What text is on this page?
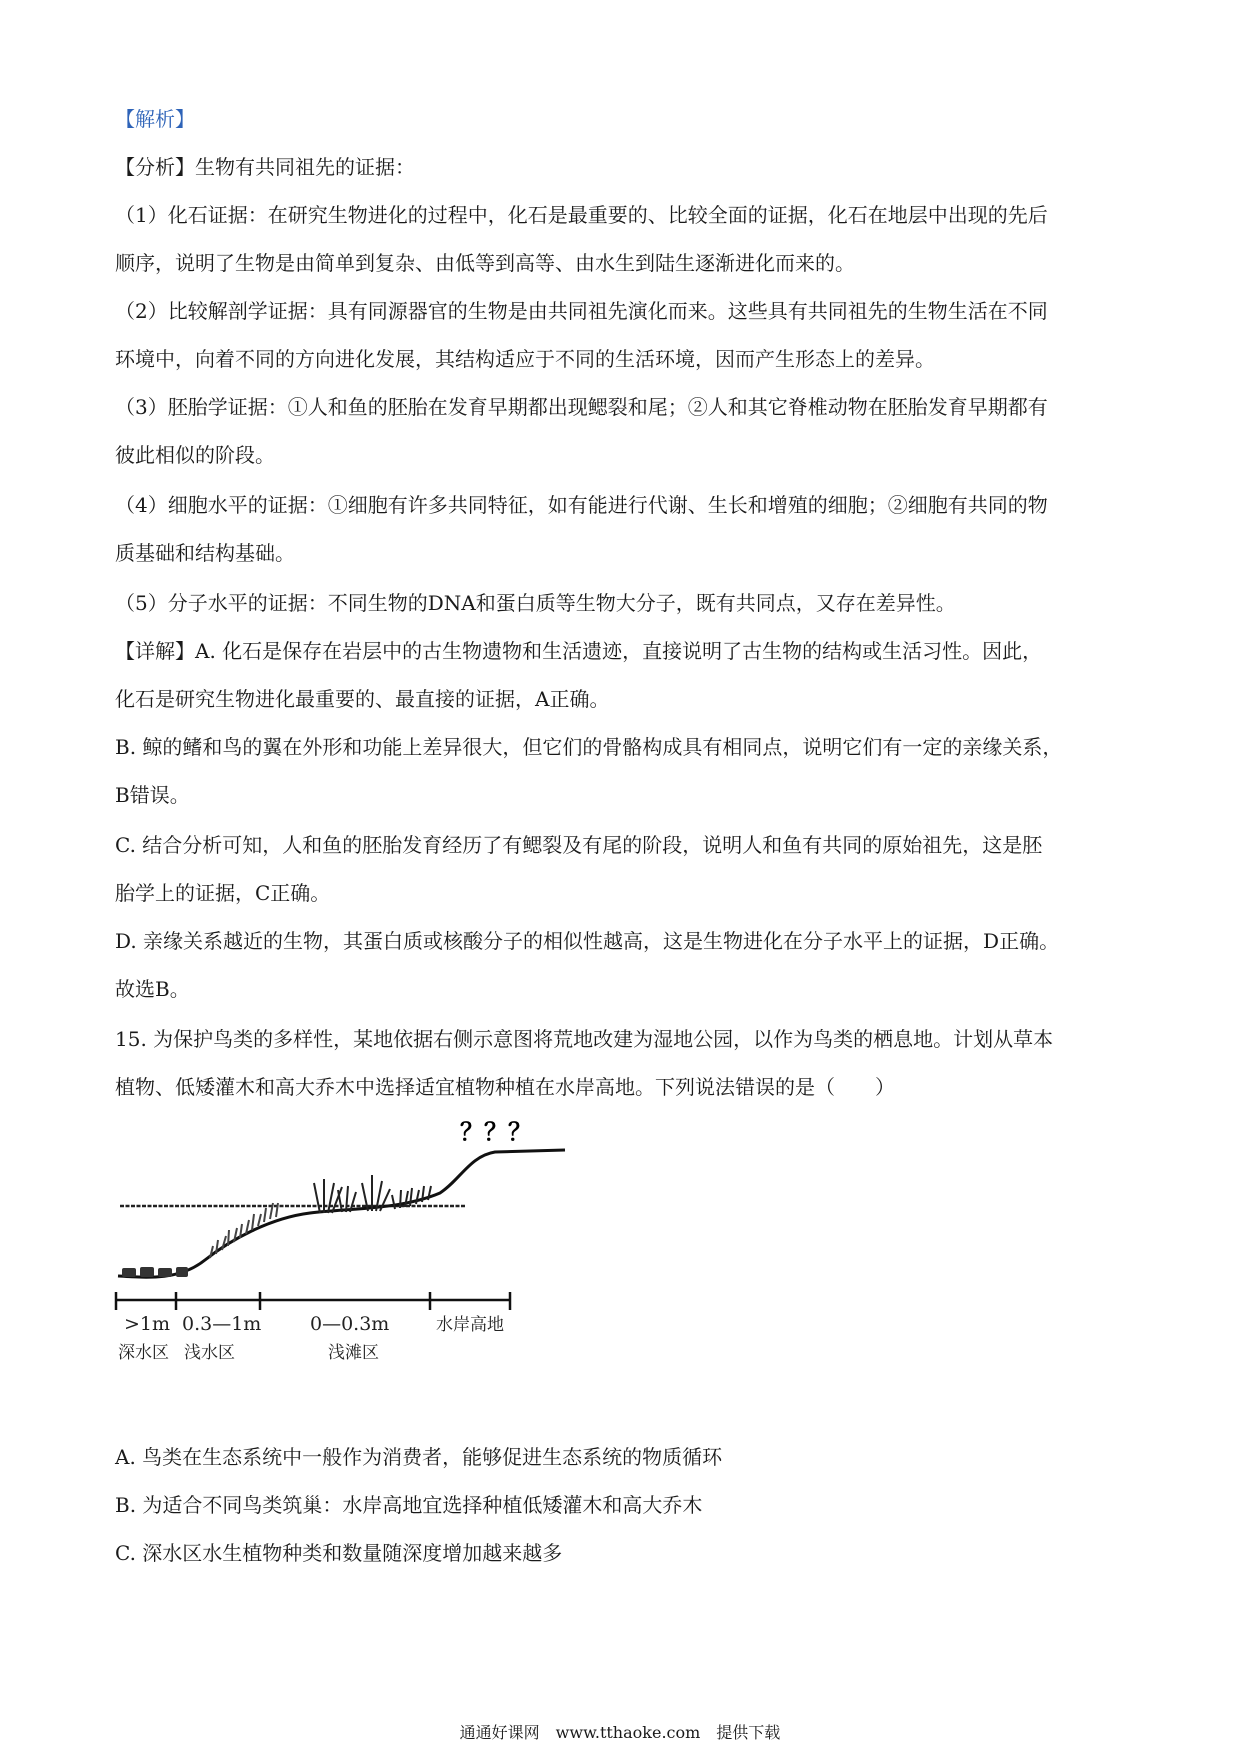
【解析】
【分析】生物有共同祖先的证据：
（1）化石证据：在研究生物进化的过程中，化石是最重要的、比较全面的证据，化石在地层中出现的先后
顺序，说明了生物是由简单到复杂、由低等到高等、由水生到陆生逐渐进化而来的。
（2）比较解剖学证据：具有同源器官的生物是由共同祖先演化而来。这些具有共同祖先的生物生活在不同
环境中，向着不同的方向进化发展，其结构适应于不同的生活环境，因而产生形态上的差异。
（3）胚胎学证据：①人和鱼的胚胎在发育早期都出现鳃裂和尾；②人和其它脊椎动物在胚胎发育早期都有
彼此相似的阶段。
（4）细胞水平的证据：①细胞有许多共同特征，如有能进行代谢、生长和增殖的细胞；②细胞有共同的物
质基础和结构基础。
（5）分子水平的证据：不同生物的DNA和蛋白质等生物大分子，既有共同点，又存在差异性。
【详解】A. 化石是保存在岩层中的古生物遗物和生活遗迹，直接说明了古生物的结构或生活习性。因此，
化石是研究生物进化最重要的、最直接的证据，A正确。
B. 鲸的鳍和鸟的翼在外形和功能上差异很大，但它们的骨骼构成具有相同点，说明它们有一定的亲缘关系，
B错误。
C. 结合分析可知，人和鱼的胚胎发育经历了有鳃裂及有尾的阶段，说明人和鱼有共同的原始祖先，这是胚
胎学上的证据，C正确。
D. 亲缘关系越近的生物，其蛋白质或核酸分子的相似性越高，这是生物进化在分子水平上的证据，D正确。
故选B。
15. 为保护鸟类的多样性，某地依据右侧示意图将荒地改建为湿地公园，以作为鸟类的栖息地。计划从草本
植物、低矮灌木和高大乔木中选择适宜植物种植在水岸高地。下列说法错误的是（　　）
？？？
>1m 0.3—1m	0—0.3m	水岸高地
深水区 浅水区	浅滩区
A. 鸟类在生态系统中一般作为消费者，能够促进生态系统的物质循环
B. 为适合不同鸟类筑巢：水岸高地宜选择种植低矮灌木和高大乔木
C. 深水区水生植物种类和数量随深度增加越来越多
通通好课网　www.tthaoke.com　提供下载
